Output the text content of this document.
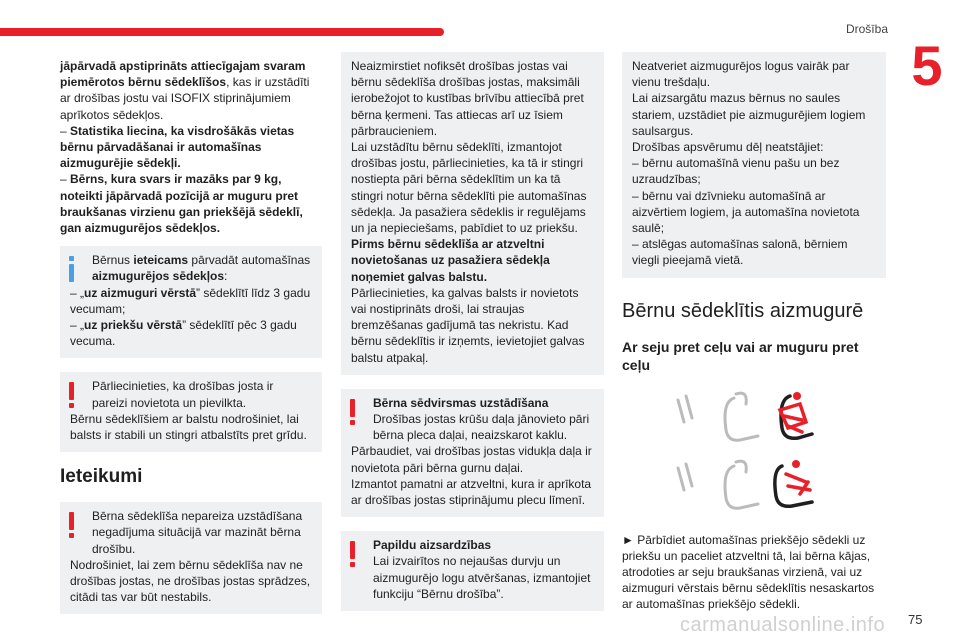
Drošība
5

jāpārvadā apstiprināts attiecīgajam svaram piemērotos bērnu sēdeklīšos, kas ir uzstādīti ar drošības jostu vai ISOFIX stiprinājumiem aprīkotos sēdekļos.

– Statistika liecina, ka visdrošākās vietas bērnu pārvadāšanai ir automašīnas aizmugurējie sēdekļi.

– Bērns, kura svars ir mazāks par 9 kg, noteikti jāpārvadā pozīcijā ar muguru pret braukšanas virzienu gan priekšējā sēdeklī, gan aizmugurējos sēdekļos.

Bērnus ieteicams pārvadāt automašīnas aizmugurējos sēdekļos:

– „uz aizmuguri vērstā” sēdeklītī līdz 3 gadu vecumam;

– „uz priekšu vērstā” sēdeklītī pēc 3 gadu vecuma.

Pārliecinieties, ka drošības josta ir pareizi novietota un pievilkta.

Bērnu sēdeklīšiem ar balstu nodrošiniet, lai balsts ir stabili un stingri atbalstīts pret grīdu.

Ieteikumi

Bērna sēdeklīša nepareiza uzstādīšana negadījuma situācijā var mazināt bērna drošību.

Nodrošiniet, lai zem bērnu sēdeklīša nav ne drošības jostas, ne drošības jostas sprādzes, citādi tas var būt nestabils.

Neaizmirstiet nofiksēt drošības jostas vai bērnu sēdeklīša drošības jostas, maksimāli ierobežojot to kustības brīvību attiecībā pret bērna ķermeni. Tas attiecas arī uz īsiem pārbraucieniem.

Lai uzstādītu bērnu sēdeklīti, izmantojot drošības jostu, pārliecinieties, ka tā ir stingri nostiepta pāri bērna sēdeklītim un ka tā stingri notur bērna sēdeklīti pie automašīnas sēdekļa. Ja pasažiera sēdeklis ir regulējams un ja nepieciešams, pabīdiet to uz priekšu.

Pirms bērnu sēdeklīša ar atzveltni novietošanas uz pasažiera sēdekļa noņemiet galvas balstu.

Pārliecinieties, ka galvas balsts ir novietots vai nostiprināts droši, lai straujas bremzēšanas gadījumā tas nekristu. Kad bērnu sēdeklītis ir izņemts, ievietojiet galvas balstu atpakaļ.

Bērna sēdvirsmas uzstādīšana

Drošības jostas krūšu daļa jānovieto pāri bērna pleca daļai, neaizskarot kaklu.

Pārbaudiet, vai drošības jostas vidukļa daļa ir novietota pāri bērna gurnu daļai.

Izmantot pamatni ar atzveltni, kura ir aprīkota ar drošības jostas stiprinājumu plecu līmenī.

Papildu aizsardzības

Lai izvairītos no nejaušas durvju un aizmugurējo logu atvēršanas, izmantojiet funkciju “Bērnu drošība”.

Neatveriet aizmugurējos logus vairāk par vienu trešdaļu.

Lai aizsargātu mazus bērnus no saules stariem, uzstādiet pie aizmugurējiem logiem saulsargus.

Drošības apsvērumu dēļ neatstājiet:

– bērnu automašīnā vienu pašu un bez uzraudzības;

– bērnu vai dzīvnieku automašīnā ar aizvērtiem logiem, ja automašīna novietota saulē;

– atslēgas automašīnas salonā, bērniem viegli pieejamā vietā.

Bērnu sēdeklītis aizmugurē
Ar seju pret ceļu vai ar muguru pret ceļu

► Pārbīdiet automašīnas priekšējo sēdekli uz priekšu un paceliet atzveltni tā, lai bērna kājas, atrodoties ar seju braukšanas virzienā, vai uz aizmuguri vērstais bērnu sēdeklītis nesaskartos ar automašīnas priekšējo sēdekli.

carmanualsonline.info 75
